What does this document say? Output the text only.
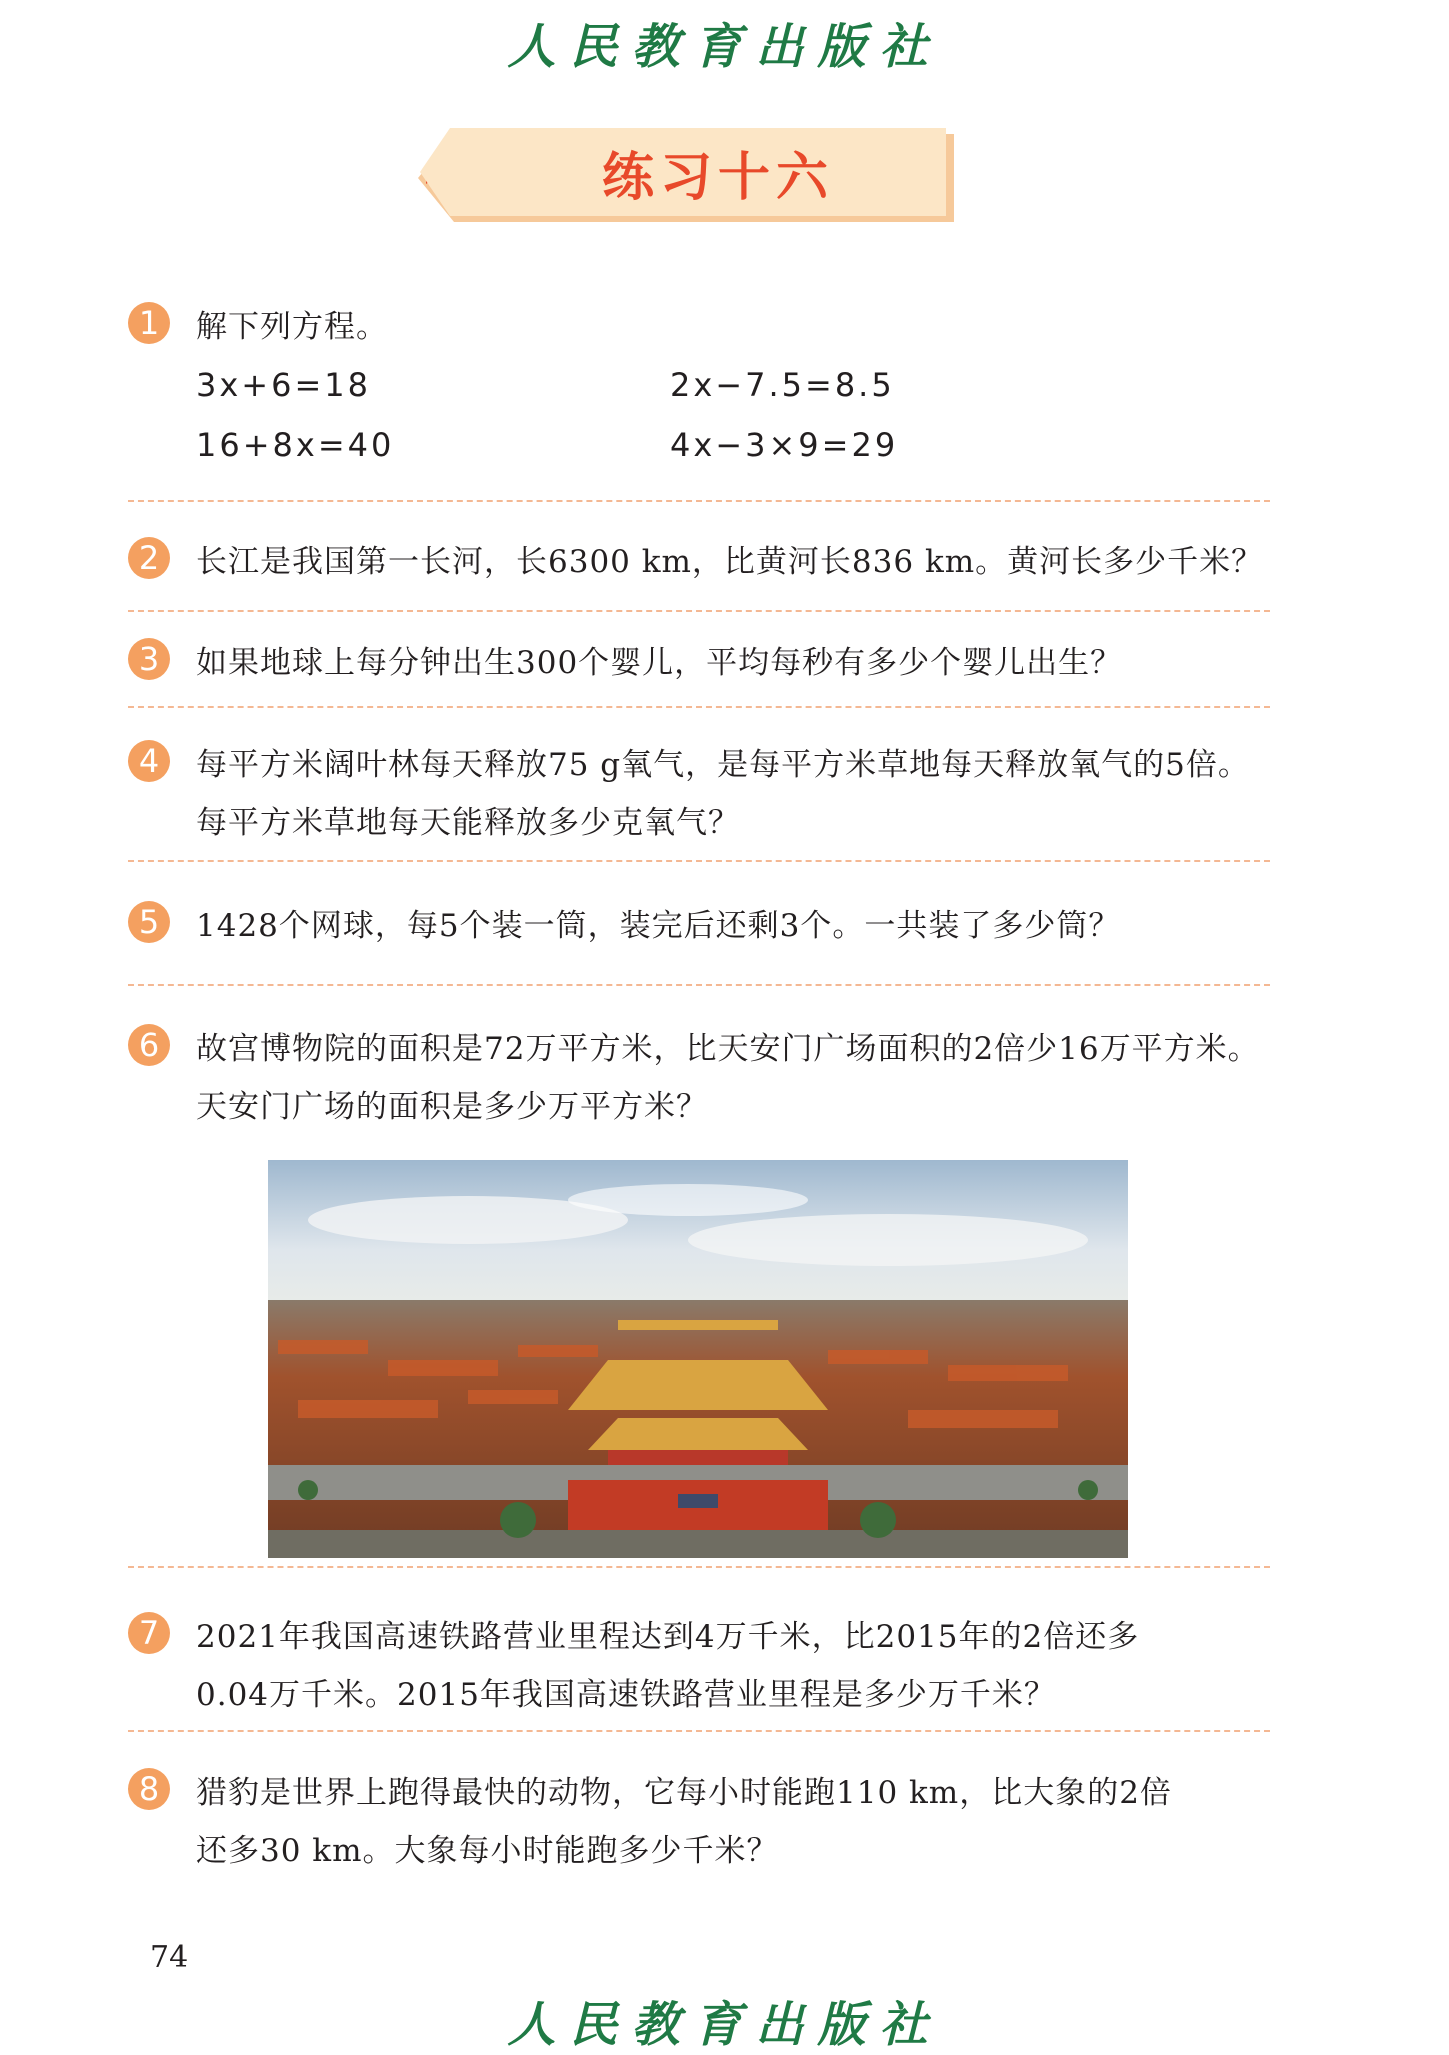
人民教育出版社
练习十六
1	解下列方程。
3x+6=18	2x−7.5=8.5
16+8x=40	4x−3×9=29
2	长江是我国第一长河，长6300 km，比黄河长836 km。黄河长多少千米？
3	如果地球上每分钟出生300个婴儿，平均每秒有多少个婴儿出生？
4	每平方米阔叶林每天释放75 g氧气，是每平方米草地每天释放氧气的5倍。
每平方米草地每天能释放多少克氧气？
5	1428个网球，每5个装一筒，装完后还剩3个。一共装了多少筒？
6	故宫博物院的面积是72万平方米，比天安门广场面积的2倍少16万平方米。
天安门广场的面积是多少万平方米？
7	2021年我国高速铁路营业里程达到4万千米，比2015年的2倍还多
0.04万千米。2015年我国高速铁路营业里程是多少万千米？
8	猎豹是世界上跑得最快的动物，它每小时能跑110 km，比大象的2倍
还多30 km。大象每小时能跑多少千米？
74
人民教育出版社
